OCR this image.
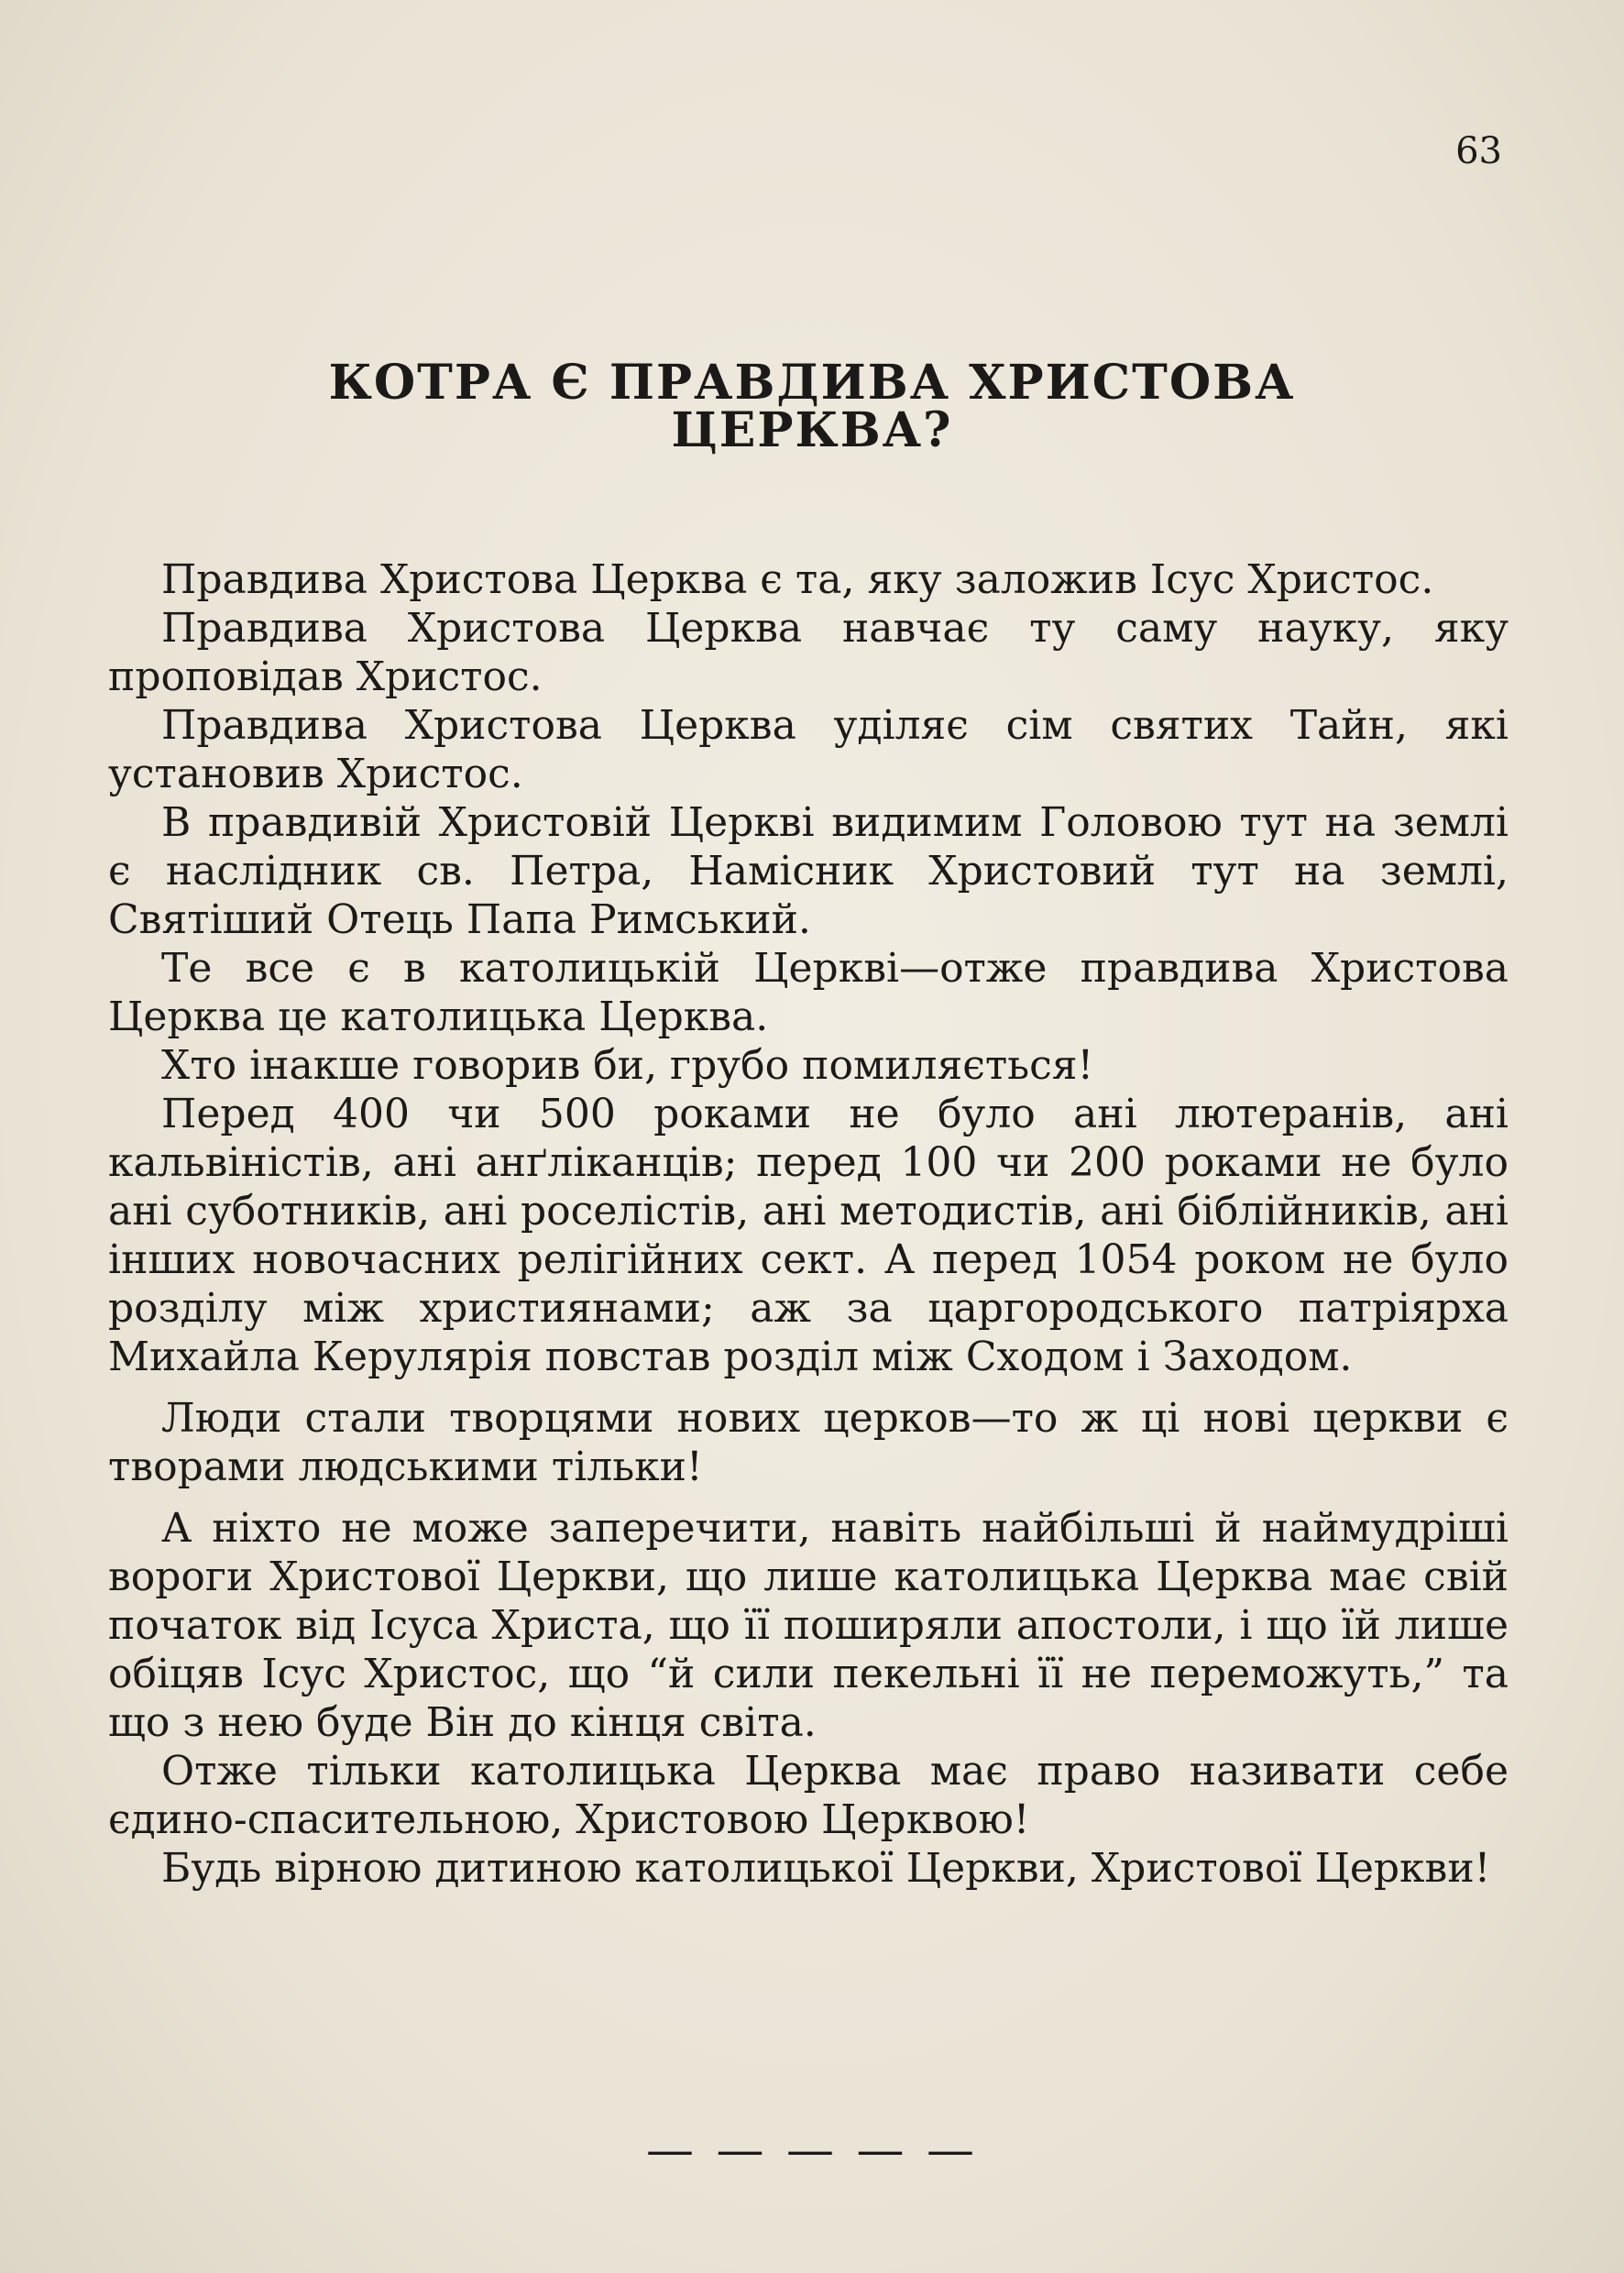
63
КОТРА Є ПРАВДИВА ХРИСТОВА
ЦЕРКВА?

Правдива Христова Церква є та, яку заложив Ісус Христос.

Правдива Христова Церква навчає ту саму науку, яку проповідав Христос.

Правдива Христова Церква уділяє сім святих Тайн, які установив Христос.

В правдивій Христовій Церкві видимим Головою тут на землі є наслідник св. Петра, Намісник Христовий тут на землі, Святіший Отець Папа Римський.

Те все є в католицькій Церкві—отже правдива Христова Церква це католицька Церква.

Хто інакше говорив би, грубо помиляється!

Перед 400 чи 500 роками не було ані лютеранів, ані кальвіністів, ані анґліканців; перед 100 чи 200 роками не було ані суботників, ані роселістів, ані методистів, ані біблійників, ані інших новочасних релігійних сект. А перед 1054 роком не було розділу між християнами; аж за царгородського патріярха Михайла Керулярія повстав розділ між Сходом і Заходом.

Люди стали творцями нових церков—то ж ці нові церкви є творами людськими тільки!

А ніхто не може заперечити, навіть найбільші й наймудріші вороги Христової Церкви, що лише католицька Церква має свій початок від Ісуса Христа, що її поширяли апостоли, і що їй лише обіцяв Ісус Христос, що “й сили пекельні її не переможуть,” та що з нею буде Він до кінця світа.

Отже тільки католицька Церква має право називати себе єдино-спасительною, Христовою Церквою!

Будь вірною дитиною католицької Церкви, Христової Церкви!

— — — — —
